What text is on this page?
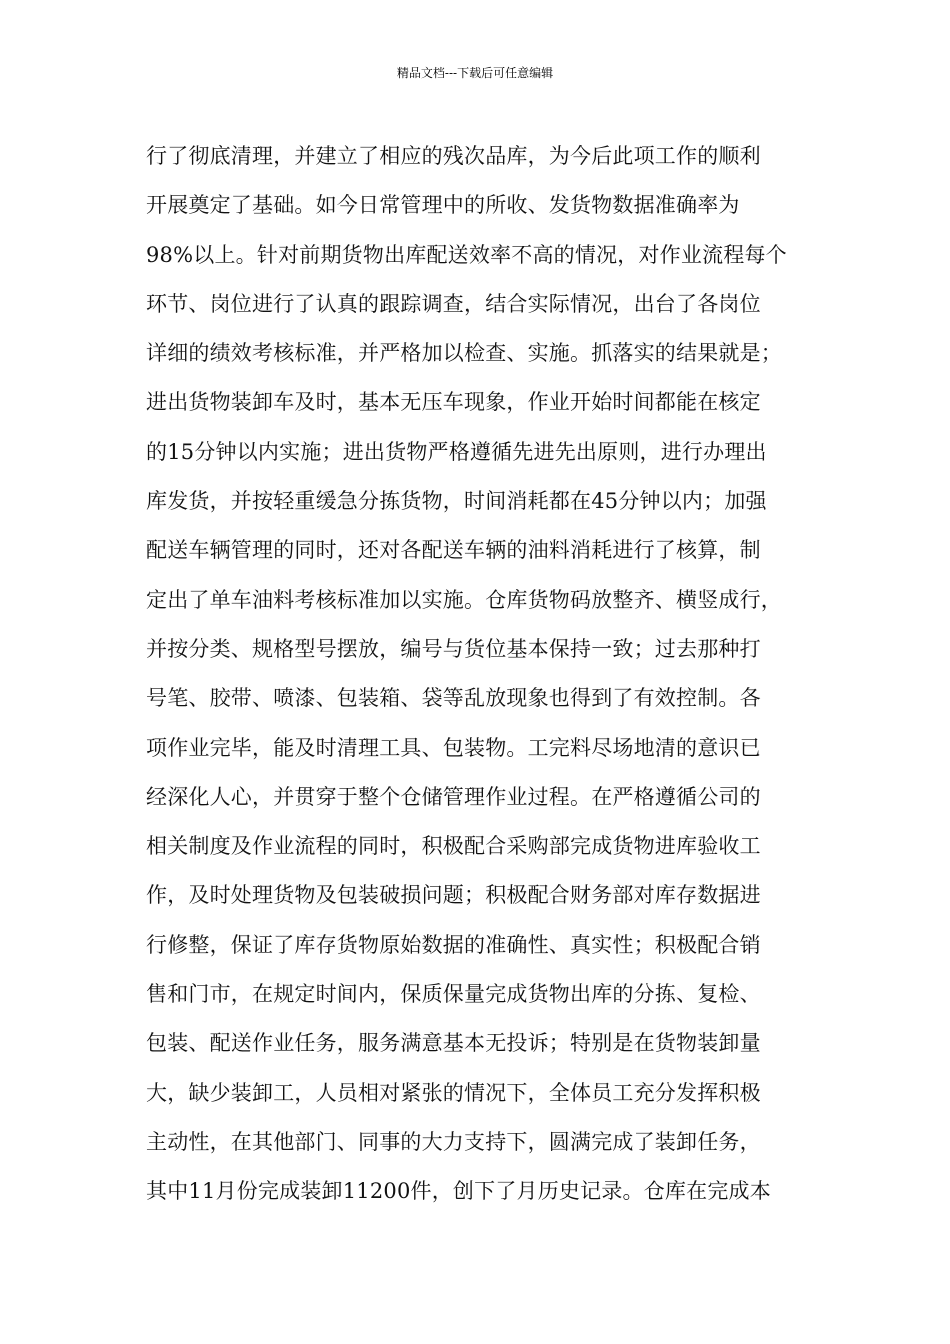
精品文档---下载后可任意编辑
行了彻底清理，并建立了相应的残次品库，为今后此项工作的顺利
开展奠定了基础。如今日常管理中的所收、发货物数据准确率为
98%以上。针对前期货物出库配送效率不高的情况，对作业流程每个
环节、岗位进行了认真的跟踪调查，结合实际情况，出台了各岗位
详细的绩效考核标准，并严格加以检查、实施。抓落实的结果就是；
进出货物装卸车及时，基本无压车现象，作业开始时间都能在核定
的15分钟以内实施；进出货物严格遵循先进先出原则，进行办理出
库发货，并按轻重缓急分拣货物，时间消耗都在45分钟以内；加强
配送车辆管理的同时，还对各配送车辆的油料消耗进行了核算，制
定出了单车油料考核标准加以实施。仓库货物码放整齐、横竖成行，
并按分类、规格型号摆放，编号与货位基本保持一致；过去那种打
号笔、胶带、喷漆、包装箱、袋等乱放现象也得到了有效控制。各
项作业完毕，能及时清理工具、包装物。工完料尽场地清的意识已
经深化人心，并贯穿于整个仓储管理作业过程。在严格遵循公司的
相关制度及作业流程的同时，积极配合采购部完成货物进库验收工
作，及时处理货物及包装破损问题；积极配合财务部对库存数据进
行修整，保证了库存货物原始数据的准确性、真实性；积极配合销
售和门市，在规定时间内，保质保量完成货物出库的分拣、复检、
包装、配送作业任务，服务满意基本无投诉；特别是在货物装卸量
大，缺少装卸工，人员相对紧张的情况下，全体员工充分发挥积极
主动性，在其他部门、同事的大力支持下，圆满完成了装卸任务，
其中11月份完成装卸11200件，创下了月历史记录。仓库在完成本
